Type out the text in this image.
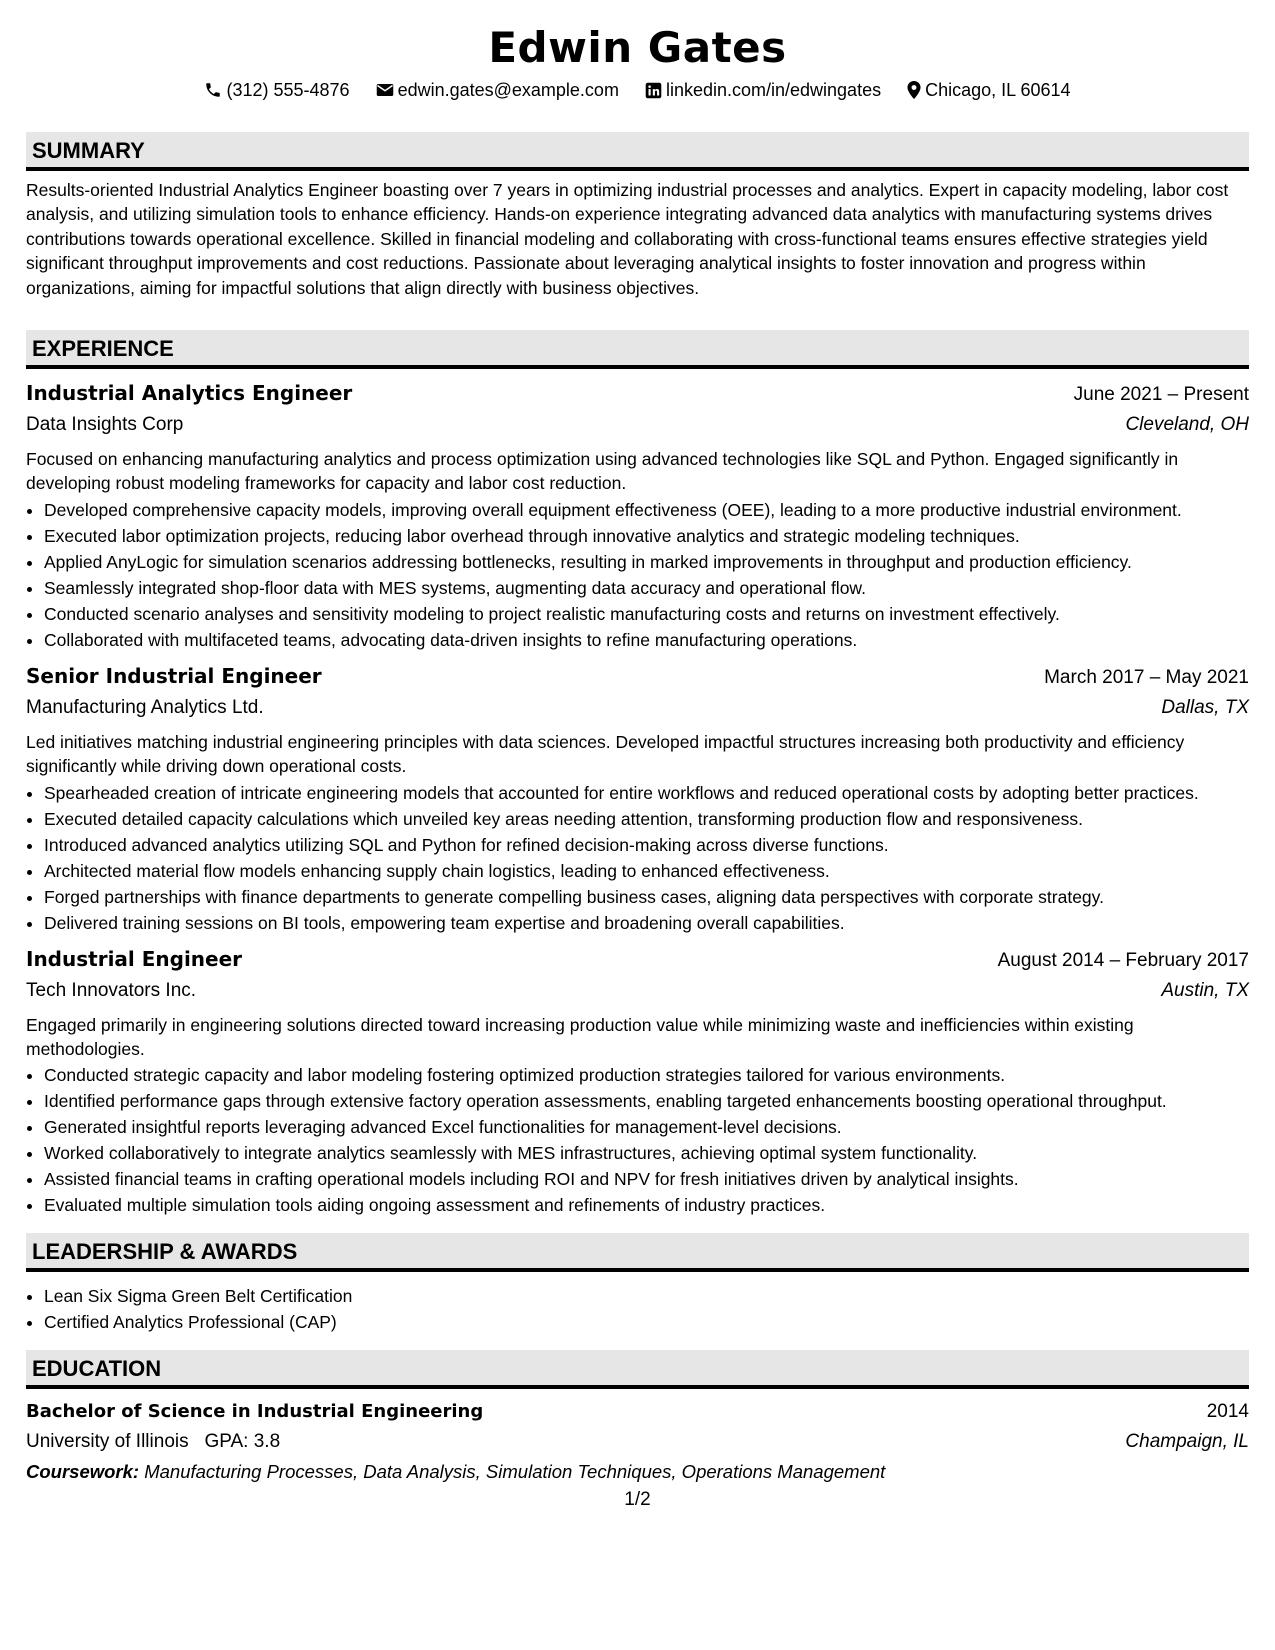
Edwin Gates
(312) 555-4876	edwin.gates@example.com	linkedin.com/in/edwingates Chicago, IL 60614
SUMMARY
Results-oriented Industrial Analytics Engineer boasting over 7 years in optimizing industrial processes and analytics. Expert in capacity modeling, labor cost analysis, and utilizing simulation tools to enhance efficiency. Hands-on experience integrating advanced data analytics with manufacturing systems drives contributions towards operational excellence. Skilled in financial modeling and collaborating with cross-functional teams ensures effective strategies yield significant throughput improvements and cost reductions. Passionate about leveraging analytical insights to foster innovation and progress within organizations, aiming for impactful solutions that align directly with business objectives.
EXPERIENCE
Industrial Analytics Engineer	June 2021 – Present
Data Insights Corp	Cleveland, OH
Focused on enhancing manufacturing analytics and process optimization using advanced technologies like SQL and Python. Engaged significantly in developing robust modeling frameworks for capacity and labor cost reduction.
• Developed comprehensive capacity models, improving overall equipment effectiveness (OEE), leading to a more productive industrial environment.
• Executed labor optimization projects, reducing labor overhead through innovative analytics and strategic modeling techniques.
• Applied AnyLogic for simulation scenarios addressing bottlenecks, resulting in marked improvements in throughput and production efficiency.
• Seamlessly integrated shop-floor data with MES systems, augmenting data accuracy and operational flow.
• Conducted scenario analyses and sensitivity modeling to project realistic manufacturing costs and returns on investment effectively.
• Collaborated with multifaceted teams, advocating data-driven insights to refine manufacturing operations.
Senior Industrial Engineer	March 2017 – May 2021
Manufacturing Analytics Ltd.	Dallas, TX
Led initiatives matching industrial engineering principles with data sciences. Developed impactful structures increasing both productivity and efficiency significantly while driving down operational costs.
• Spearheaded creation of intricate engineering models that accounted for entire workflows and reduced operational costs by adopting better practices.
• Executed detailed capacity calculations which unveiled key areas needing attention, transforming production flow and responsiveness.
• Introduced advanced analytics utilizing SQL and Python for refined decision-making across diverse functions.
• Architected material flow models enhancing supply chain logistics, leading to enhanced effectiveness.
• Forged partnerships with finance departments to generate compelling business cases, aligning data perspectives with corporate strategy.
• Delivered training sessions on BI tools, empowering team expertise and broadening overall capabilities.
Industrial Engineer	August 2014 – February 2017
Tech Innovators Inc.	Austin, TX
Engaged primarily in engineering solutions directed toward increasing production value while minimizing waste and inefficiencies within existing methodologies.
• Conducted strategic capacity and labor modeling fostering optimized production strategies tailored for various environments.
• Identified performance gaps through extensive factory operation assessments, enabling targeted enhancements boosting operational throughput.
• Generated insightful reports leveraging advanced Excel functionalities for management-level decisions.
• Worked collaboratively to integrate analytics seamlessly with MES infrastructures, achieving optimal system functionality.
• Assisted financial teams in crafting operational models including ROI and NPV for fresh initiatives driven by analytical insights.
• Evaluated multiple simulation tools aiding ongoing assessment and refinements of industry practices.
LEADERSHIP & AWARDS
• Lean Six Sigma Green Belt Certification
• Certified Analytics Professional (CAP)
EDUCATION
Bachelor of Science in Industrial Engineering	2014
University of Illinois GPA: 3.8	Champaign, IL
Coursework: Manufacturing Processes, Data Analysis, Simulation Techniques, Operations Management
1/2
